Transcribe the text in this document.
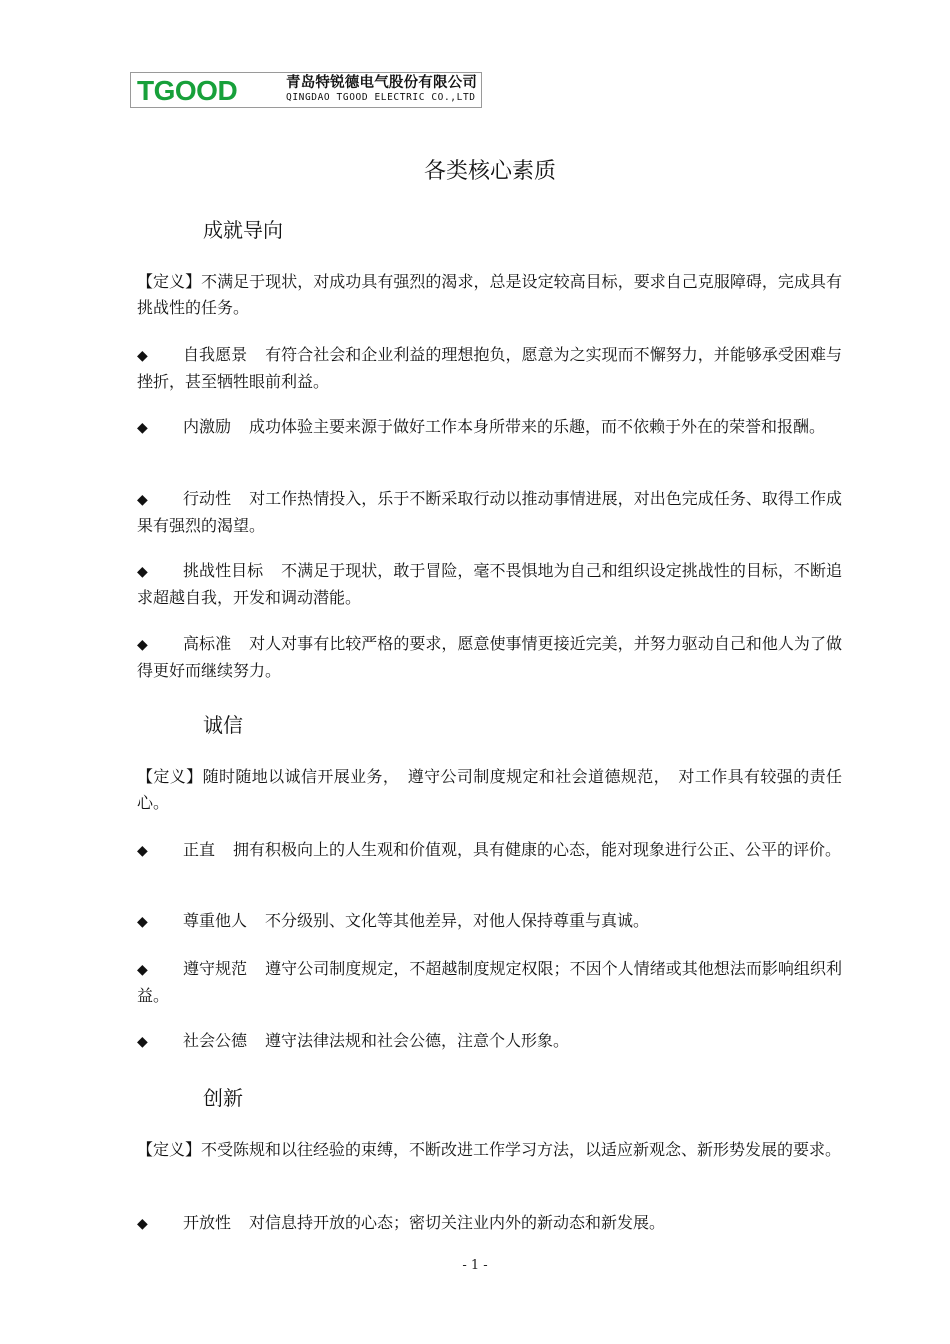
TGOOD	青岛特锐德电气股份有限公司
QINGDAO TGOOD ELECTRIC CO.,LTD
各类核心素质
成就导向

【定义】不满足于现状，对成功具有强烈的渴求，总是设定较高目标，要求自己克服障碍，完成具有挑战性的任务。

◆ 自我愿景 有符合社会和企业利益的理想抱负，愿意为之实现而不懈努力，并能够承受困难与挫折，甚至牺牲眼前利益。

◆ 内激励 成功体验主要来源于做好工作本身所带来的乐趣，而不依赖于外在的荣誉和报酬。

◆ 行动性 对工作热情投入，乐于不断采取行动以推动事情进展，对出色完成任务、取得工作成果有强烈的渴望。

◆ 挑战性目标 不满足于现状，敢于冒险，毫不畏惧地为自己和组织设定挑战性的目标，不断追求超越自我，开发和调动潜能。

◆ 高标准 对人对事有比较严格的要求，愿意使事情更接近完美，并努力驱动自己和他人为了做得更好而继续努力。

诚信

【定义】随时随地以诚信开展业务，　遵守公司制度规定和社会道德规范，　对工作具有较强的责任心。

◆ 正直 拥有积极向上的人生观和价值观，具有健康的心态，能对现象进行公正、公平的评价。

◆ 尊重他人 不分级别、文化等其他差异，对他人保持尊重与真诚。

◆ 遵守规范 遵守公司制度规定，不超越制度规定权限；不因个人情绪或其他想法而影响组织利益。

◆ 社会公德 遵守法律法规和社会公德，注意个人形象。

创新

【定义】不受陈规和以往经验的束缚，不断改进工作学习方法，以适应新观念、新形势发展的要求。

◆ 开放性 对信息持开放的心态；密切关注业内外的新动态和新发展。

- 1 -
